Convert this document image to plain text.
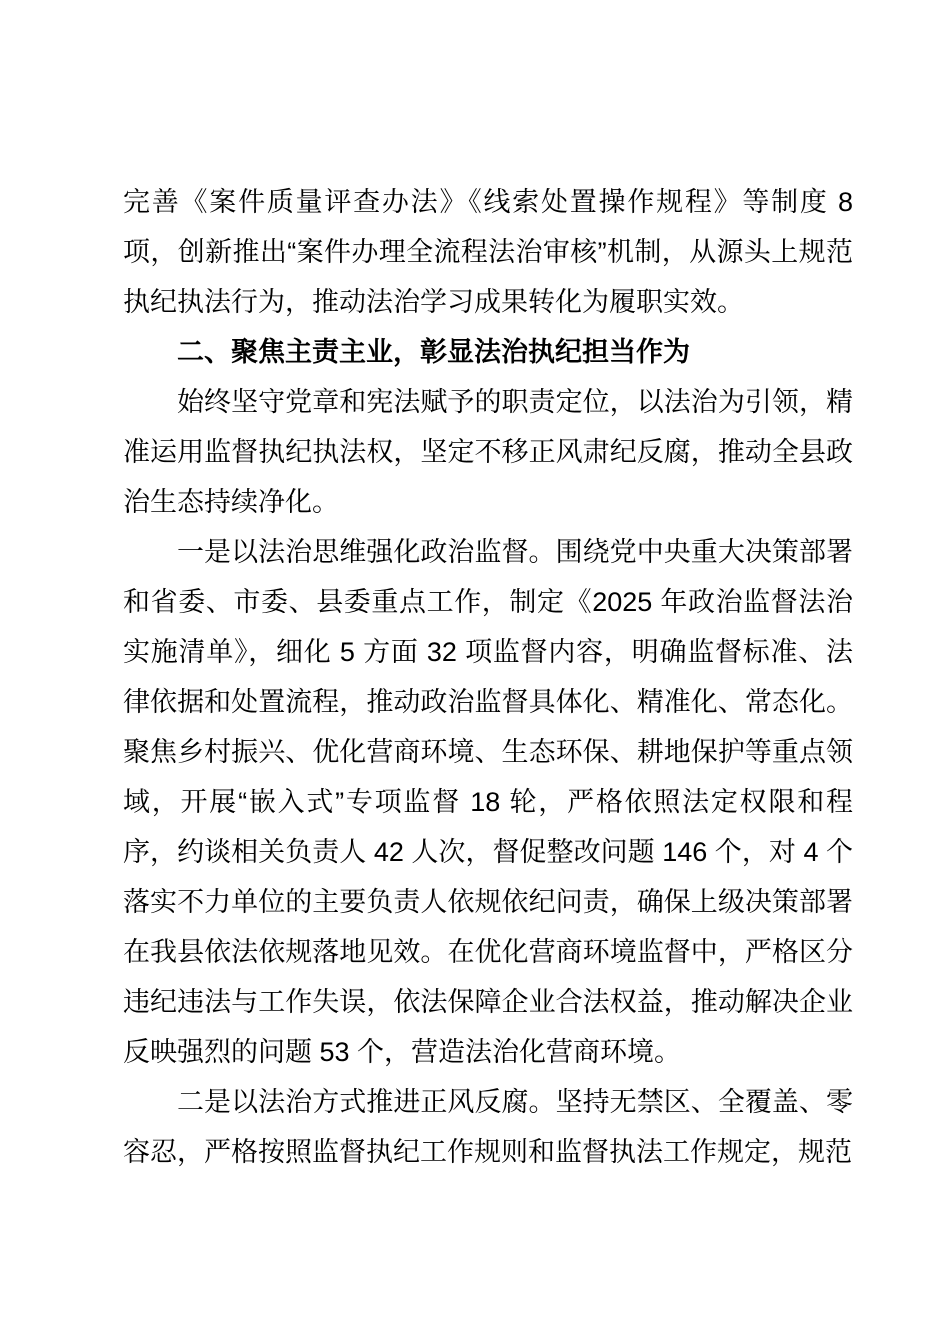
完善《案件质量评查办法》《线索处置操作规程》等制度 8 项，创新推出“案件办理全流程法治审核”机制，从源头上规范执纪执法行为，推动法治学习成果转化为履职实效。

二、聚焦主责主业，彰显法治执纪担当作为

始终坚守党章和宪法赋予的职责定位，以法治为引领，精准运用监督执纪执法权，坚定不移正风肃纪反腐，推动全县政治生态持续净化。

一是以法治思维强化政治监督。围绕党中央重大决策部署和省委、市委、县委重点工作，制定《2025 年政治监督法治实施清单》，细化 5 方面 32 项监督内容，明确监督标准、法律依据和处置流程，推动政治监督具体化、精准化、常态化。聚焦乡村振兴、优化营商环境、生态环保、耕地保护等重点领域，开展“嵌入式”专项监督 18 轮，严格依照法定权限和程序，约谈相关负责人 42 人次，督促整改问题 146 个，对 4 个落实不力单位的主要负责人依规依纪问责，确保上级决策部署在我县依法依规落地见效。在优化营商环境监督中，严格区分违纪违法与工作失误，依法保障企业合法权益，推动解决企业反映强烈的问题 53 个，营造法治化营商环境。

二是以法治方式推进正风反腐。坚持无禁区、全覆盖、零容忍，严格按照监督执纪工作规则和监督执法工作规定，规范
